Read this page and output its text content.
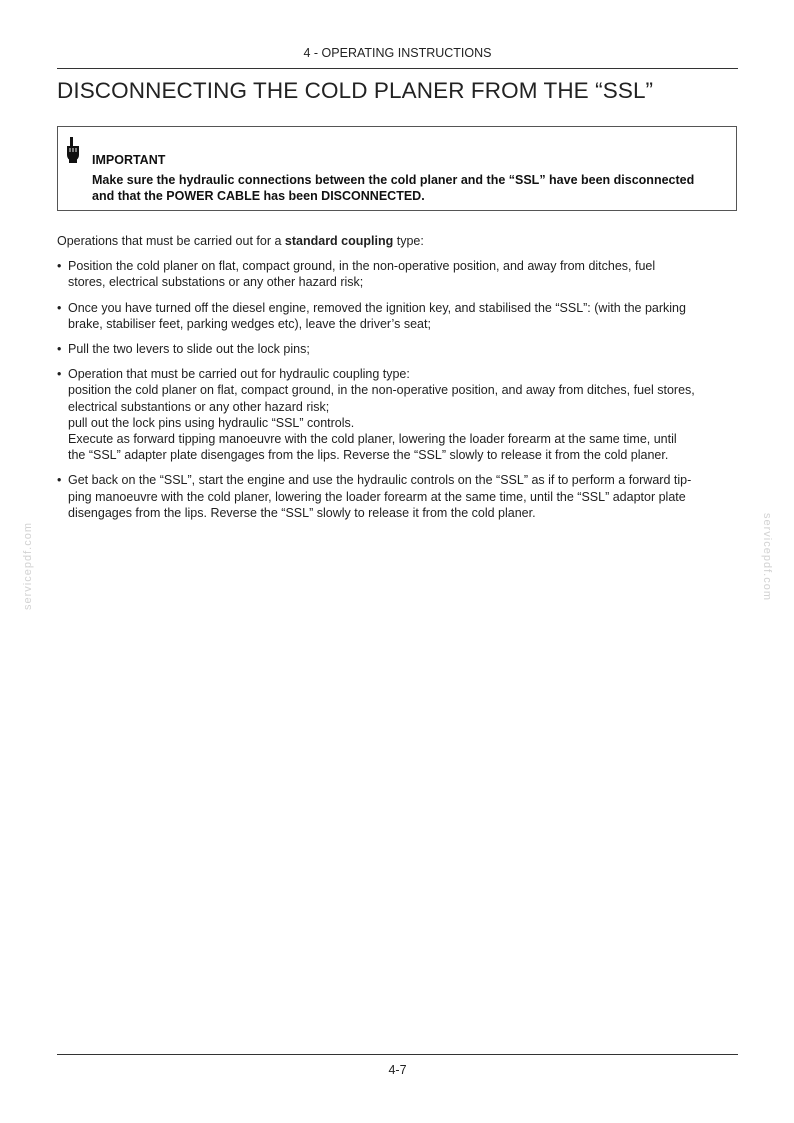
4 - OPERATING INSTRUCTIONS
DISCONNECTING THE COLD PLANER FROM THE “SSL”
IMPORTANT
Make sure the hydraulic connections between the cold planer and the “SSL” have been disconnected
and that the POWER CABLE has been DISCONNECTED.

Operations that must be carried out for a standard coupling type:

• Position the cold planer on flat, compact ground, in the non-operative position, and away from ditches, fuel
stores, electrical substations or any other hazard risk;
• Once you have turned off the diesel engine, removed the ignition key, and stabilised the “SSL”: (with the parking
brake, stabiliser feet, parking wedges etc), leave the driver’s seat;
• Pull the two levers to slide out the lock pins;
• Operation that must be carried out for hydraulic coupling type:
position the cold planer on flat, compact ground, in the non-operative position, and away from ditches, fuel stores,
electrical substantions or any other hazard risk;
pull out the lock pins using hydraulic “SSL” controls.
Execute as forward tipping manoeuvre with the cold planer, lowering the loader forearm at the same time, until
the “SSL” adapter plate disengages from the lips. Reverse the “SSL” slowly to release it from the cold planer.
• Get back on the “SSL”, start the engine and use the hydraulic controls on the “SSL” as if to perform a forward tip-
ping manoeuvre with the cold planer, lowering the loader forearm at the same time, until the “SSL” adaptor plate
disengages from the lips. Reverse the “SSL” slowly to release it from the cold planer.
servicepdf.com	servicepdf.com
4-7
